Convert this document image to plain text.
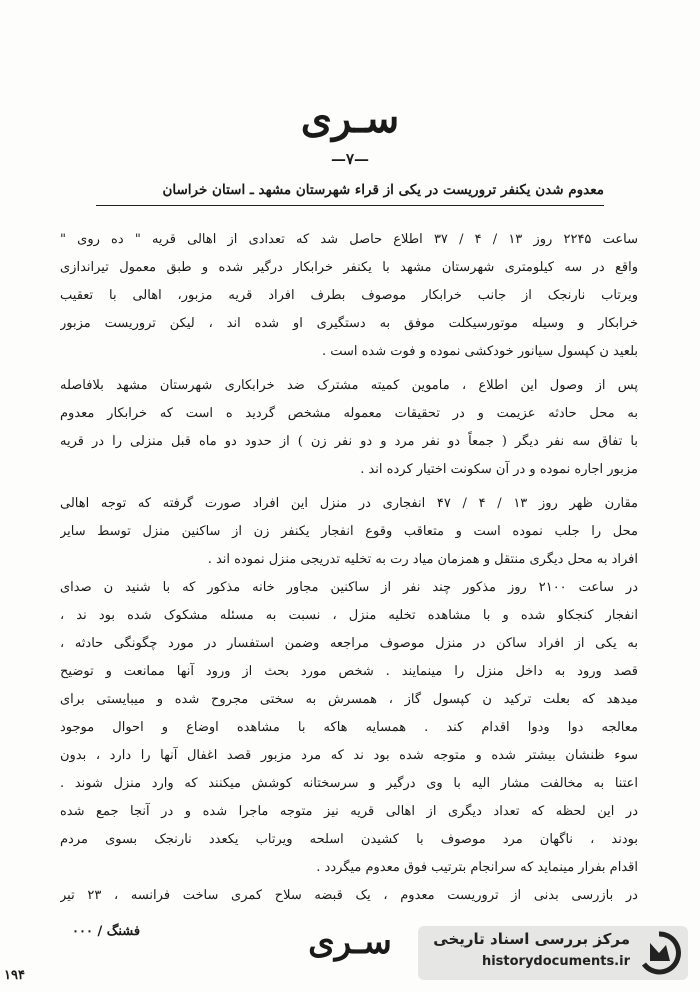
سـری
—٧—
معدوم شدن یکنفر تروریست در یکی از قراء شهرستان مشهد ـ استان خراسان
ساعت ۲۲۴۵ روز ۱۳ / ۴ / ۳۷ اطلاع حاصل شد که تعدادی از اهالی قریه " ده روی "
واقع در سه کیلومتری شهرستان مشهد با یکنفر خرابکار درگیر شده و طبق معمول تیراندازی
ویرتاب نارنجک از جانب خرابکار موصوف بطرف افراد قریه مزبور، اهالی با تعقیب
خرابکار و وسیله موتورسیکلت موفق به دستگیری او شده اند ، لیکن تروریست مزبور
بلعید ن کپسول سیانور خودکشی نموده و فوت شده است .
پس از وصول این اطلاع ، ماموین کمیته مشترک ضد خرابکاری شهرستان مشهد بلافاصله
به محل حادثه عزیمت و در تحقیقات معموله مشخص گردید ه است که خرابکار معدوم
با تفاق سه نفر دیگر ( جمعاً دو نفر مرد و دو نفر زن ) از حدود دو ماه قبل منزلی را در قریه
مزبور اجاره نموده و در آن سکونت اختیار کرده اند .
مقارن ظهر روز ۱۳ / ۴ / ۴۷ انفجاری در منزل این افراد صورت گرفته که توجه اهالی
محل را جلب نموده است و متعاقب وقوع انفجار یکنفر زن از ساکنین منزل توسط سایر
افراد به محل دیگری منتقل و همزمان میاد رت به تخلیه تدریجی منزل نموده اند .
در ساعت ۲۱۰۰ روز مذکور چند نفر از ساکنین مجاور خانه مذکور که با شنید ن صدای
انفجار کنجکاو شده و با مشاهده تخلیه منزل ، نسبت به مسئله مشکوک شده بود ند ،
به یکی از افراد ساکن در منزل موصوف مراجعه وضمن استفسار در مورد چگونگی حادثه ،
قصد ورود به داخل منزل را مینمایند . شخص مورد بحث از ورود آنها ممانعت و توضیح
میدهد که بعلت ترکید ن کپسول گاز ، همسرش به سختی مجروح شده و میبایستی برای
معالجه دوا ودوا اقدام کند . همسایه هاکه با مشاهده اوضاع و احوال موجود
سوء ظنشان بیشتر شده و متوجه شده بود ند که مرد مزبور قصد اغفال آنها را دارد ، بدون
اعتنا به مخالفت مشار الیه با وی درگیر و سرسختانه کوشش میکنند که وارد منزل شوند .
در این لحظه که تعداد دیگری از اهالی قریه نیز متوجه ماجرا شده و در آنجا جمع شده
بودند ، ناگهان مرد موصوف با کشیدن اسلحه ویرتاب یکعدد نارنجک بسوی مردم
اقدام بفرار مینماید که سرانجام بترتیب فوق معدوم میگردد .
در بازرسی بدنی از تروریست معدوم ، یک قبضه سلاح کمری ساخت فرانسه ، ۲۳ تیر
فشنگ / ۰۰۰	سـری
۱۹۴
مرکز بررسی اسناد تاریخی
historydocuments.ir
